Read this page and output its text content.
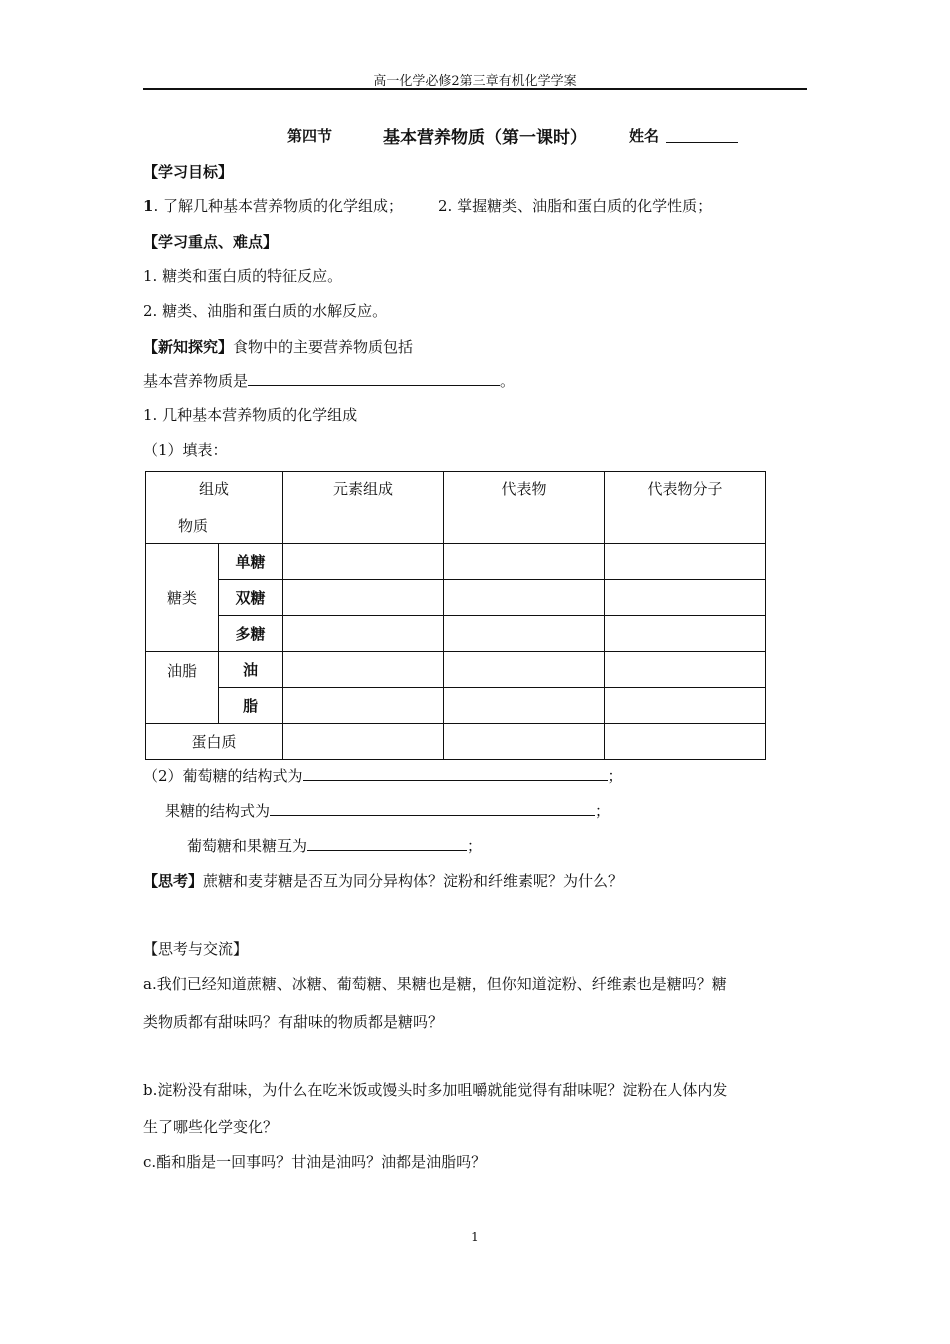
高一化学必修2第三章有机化学学案
第四节	基本营养物质（第一课时）	姓名
【学习目标】
1. 了解几种基本营养物质的化学组成； 2. 掌握糖类、油脂和蛋白质的化学性质；
【学习重点、难点】
1. 糖类和蛋白质的特征反应。
2. 糖类、油脂和蛋白质的水解反应。
【新知探究】食物中的主要营养物质包括
基本营养物质是	。
1. 几种基本营养物质的化学组成
（1）填表：
组成
物质		元素组成	代表物	代表物分子

糖类	单糖			
	双糖			
	多糖			
油脂	油			
	脂			
蛋白质				
（2）葡萄糖的结构式为	；
果糖的结构式为	；
葡萄糖和果糖互为	；
【思考】蔗糖和麦芽糖是否互为同分异构体？淀粉和纤维素呢？为什么？
【思考与交流】
a.我们已经知道蔗糖、冰糖、葡萄糖、果糖也是糖，但你知道淀粉、纤维素也是糖吗？糖
类物质都有甜味吗？有甜味的物质都是糖吗？
b.淀粉没有甜味，为什么在吃米饭或馒头时多加咀嚼就能觉得有甜味呢？淀粉在人体内发
生了哪些化学变化？
c.酯和脂是一回事吗？甘油是油吗？油都是油脂吗？
1
